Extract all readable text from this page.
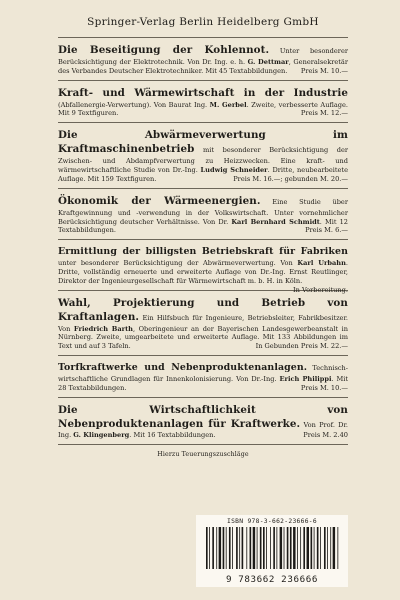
Springer-Verlag Berlin Heidelberg GmbH

Die Beseitigung der Kohlennot. Unter besonderer Berücksichtigung der Elektrotechnik. Von Dr. Ing. e. h. G. Dettmar, Generalsekretär des Verbandes Deutscher Elektrotechniker. Mit 45 Textabbildungen. Preis M. 10.—

Kraft- und Wärmewirtschaft in der Industrie (Abfallenergie-Verwertung). Von Baurat Ing. M. Gerbel. Zweite, verbesserte Auflage. Mit 9 Textfiguren.	Preis M. 12.—

Die Abwärmeverwertung im Kraftmaschinenbetrieb mit besonderer Berücksichtigung der Zwischen- und Abdampfverwertung zu Heizzwecken. Eine kraft- und wärmewirtschaftliche Studie von Dr.-Ing. Ludwig Schneider. Dritte, neubearbeitete Auflage. Mit 159 Textfiguren.	Preis M. 16.—; gebunden M. 20.—

Ökonomik der Wärmeenergien. Eine Studie über Kraftgewinnung und -verwendung in der Volkswirtschaft. Unter vornehmlicher Berücksichtigung deutscher Verhältnisse. Von Dr. Karl Bernhard Schmidt. Mit 12 Textabbildungen.	Preis M. 6.—

Ermittlung der billigsten Betriebskraft für Fabriken unter besonderer Berücksichtigung der Abwärmeverwertung. Von Karl Urbahn. Dritte, vollständig erneuerte und erweiterte Auflage von Dr.-Ing. Ernst Reutlinger, Direktor der Ingenieurgesellschaft für Wärmewirtschaft m. b. H. in Köln.
In Vorbereitung.

Wahl, Projektierung und Betrieb von Kraftanlagen. Ein Hilfsbuch für Ingenieure, Betriebsleiter, Fabrikbesitzer. Von Friedrich Barth, Oberingenieur an der Bayerischen Landesgewerbeanstalt in Nürnberg. Zweite, umgearbeitete und erweiterte Auflage. Mit 133 Abbildungen im Text und auf 3 Tafeln.	In Gebunden Preis M. 22.—

Torfkraftwerke und Nebenproduktenanlagen. Technisch-wirtschaftliche Grundlagen für Innenkolonisierung. Von Dr.-Ing. Erich Philippi. Mit 28 Textabbildungen.	Preis M. 10.—

Die Wirtschaftlichkeit von Nebenproduktenanlagen für Kraftwerke. Von Prof. Dr. Ing. G. Klingenberg. Mit 16 Textabbildungen.	Preis M. 2.40

Hierzu Teuerungszuschläge
ISBN 978-3-662-23666-6
9 783662 236666
